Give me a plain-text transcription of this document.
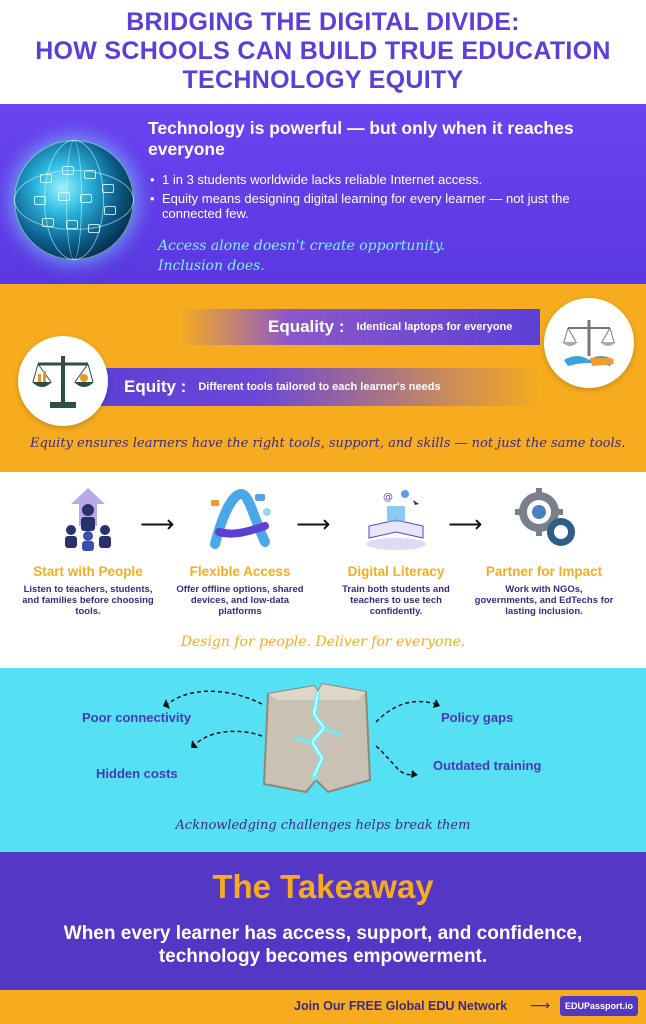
BRIDGING THE DIGITAL DIVIDE:
HOW SCHOOLS CAN BUILD TRUE EDUCATION
TECHNOLOGY EQUITY
Technology is powerful — but only when it reaches everyone
• 1 in 3 students worldwide lacks reliable Internet access.
• Equity means designing digital learning for every learner — not just the connected few.
Access alone doesn't create opportunity.
Inclusion does.
Equality : Identical laptops for everyone
Equity : Different tools tailored to each learner's needs
Equity ensures learners have the right tools, support, and skills — not just the same tools.
Start with People
Listen to teachers, students, and families before choosing tools.
⟶
Flexible Access
Offer offline options, shared devices, and low-data platforms
⟶
@
Digital Literacy
Train both students and teachers to use tech confidently.
⟶
Partner for Impact
Work with NGOs, governments, and EdTechs for lasting inclusion.
Design for people. Deliver for everyone.
Poor connectivity
Hidden costs
Policy gaps
Outdated training
Acknowledging challenges helps break them
The Takeaway

When every learner has access, support, and confidence, technology becomes empowerment.

Join Our FREE Global EDU Network ⟶	EDUPassport.io
